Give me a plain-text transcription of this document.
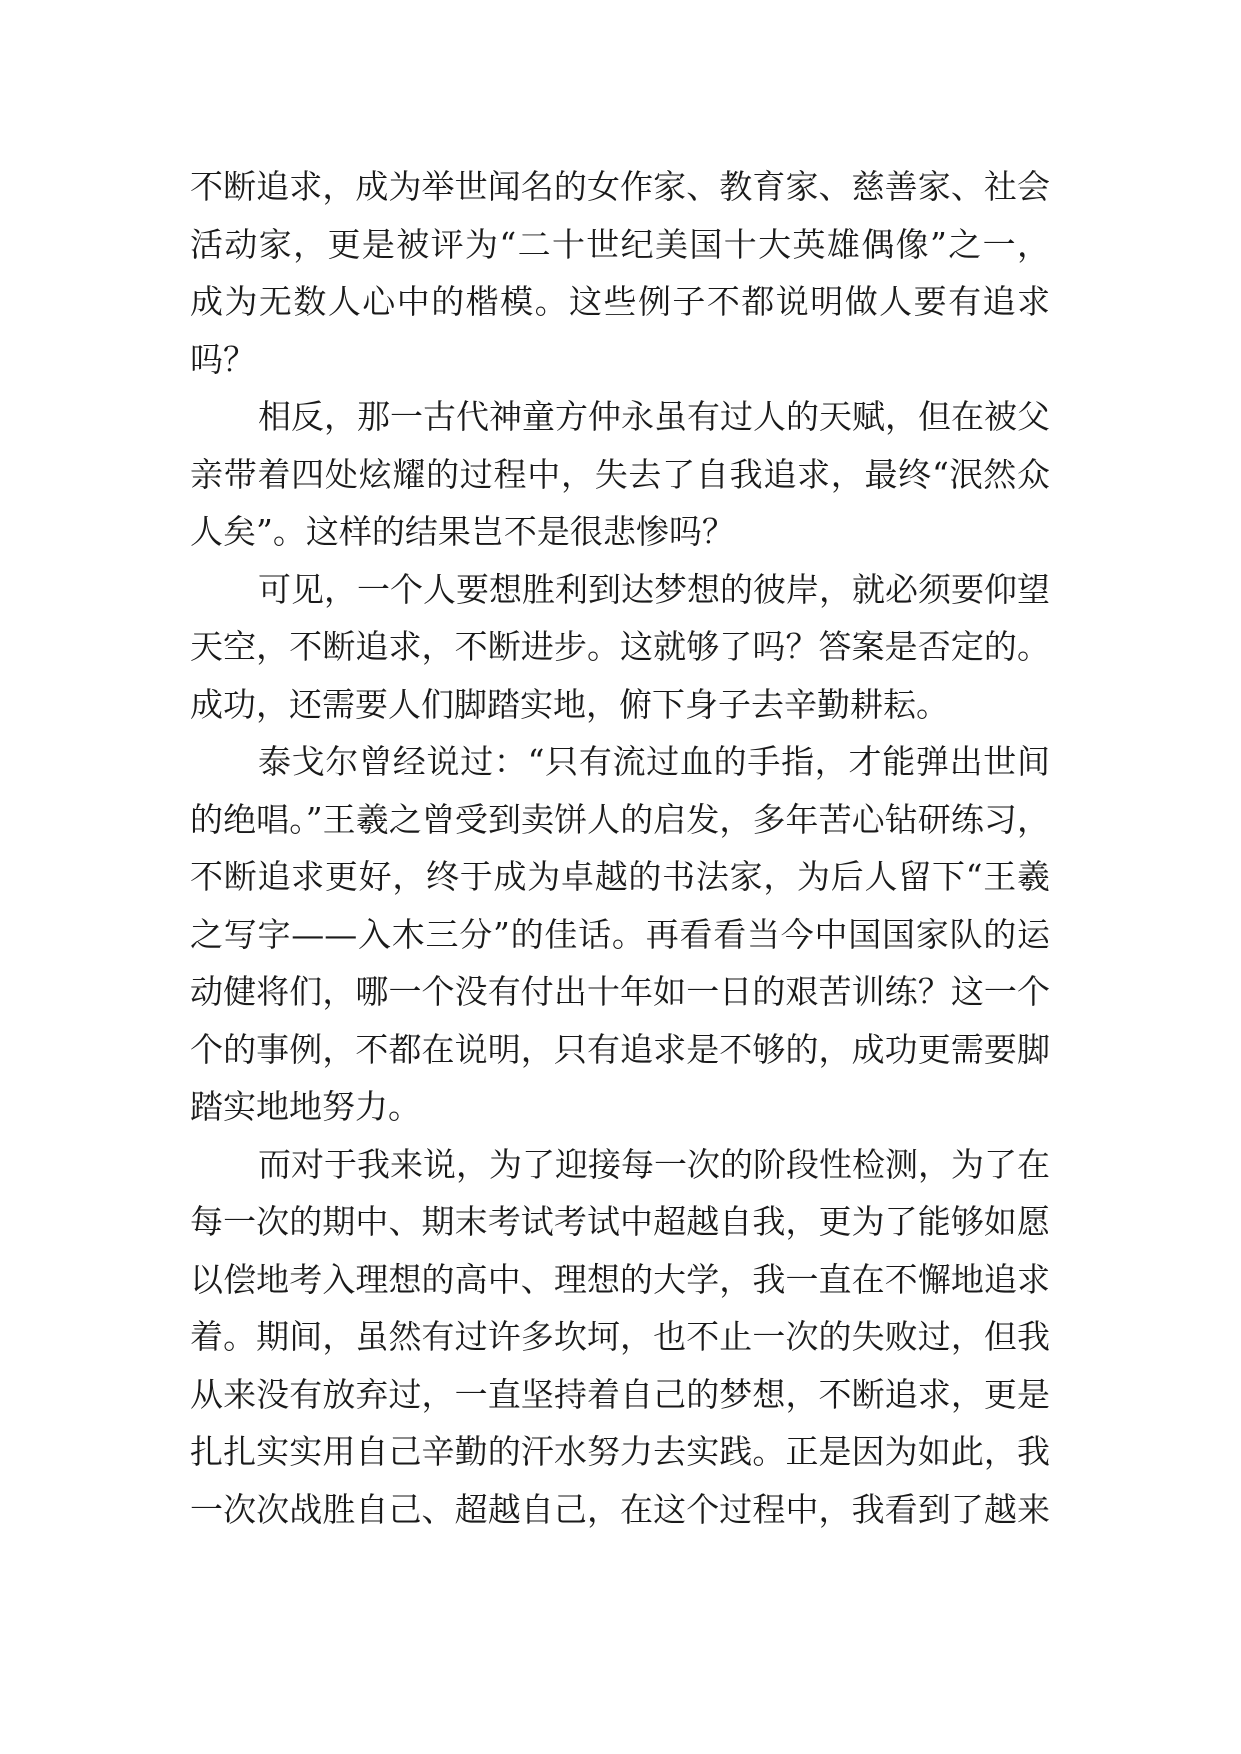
不断追求，成为举世闻名的女作家、教育家、慈善家、社会
活动家，更是被评为“二十世纪美国十大英雄偶像”之一，
成为无数人心中的楷模。这些例子不都说明做人要有追求
吗？
相反，那一古代神童方仲永虽有过人的天赋，但在被父
亲带着四处炫耀的过程中，失去了自我追求，最终“泯然众
人矣”。这样的结果岂不是很悲惨吗？
可见，一个人要想胜利到达梦想的彼岸，就必须要仰望
天空，不断追求，不断进步。这就够了吗？答案是否定的。
成功，还需要人们脚踏实地，俯下身子去辛勤耕耘。
泰戈尔曾经说过：“只有流过血的手指，才能弹出世间
的绝唱。”王羲之曾受到卖饼人的启发，多年苦心钻研练习，
不断追求更好，终于成为卓越的书法家，为后人留下“王羲
之写字——入木三分”的佳话。再看看当今中国国家队的运
动健将们，哪一个没有付出十年如一日的艰苦训练？这一个
个的事例，不都在说明，只有追求是不够的，成功更需要脚
踏实地地努力。
而对于我来说，为了迎接每一次的阶段性检测，为了在
每一次的期中、期末考试考试中超越自我，更为了能够如愿
以偿地考入理想的高中、理想的大学，我一直在不懈地追求
着。期间，虽然有过许多坎坷，也不止一次的失败过，但我
从来没有放弃过，一直坚持着自己的梦想，不断追求，更是
扎扎实实用自己辛勤的汗水努力去实践。正是因为如此，我
一次次战胜自己、超越自己，在这个过程中，我看到了越来
